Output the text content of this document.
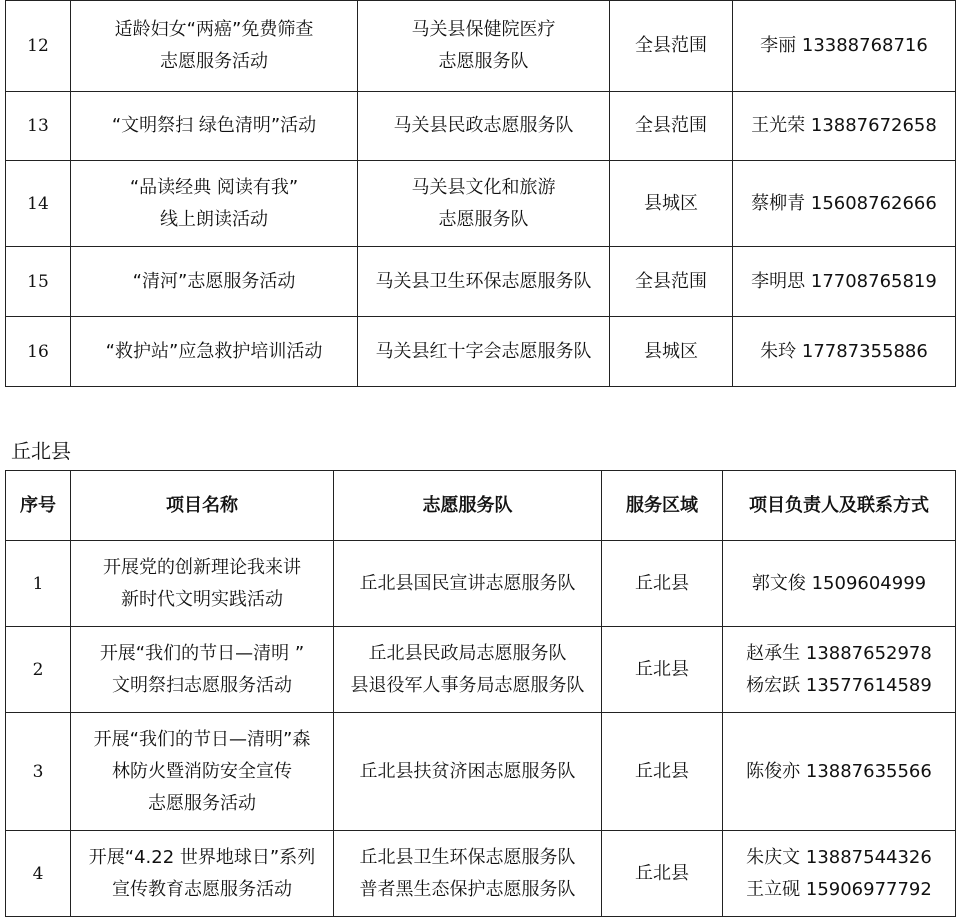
12	适龄妇女“两癌”免费筛查
志愿服务活动	马关县保健院医疗
志愿服务队	全县范围	李丽 13388768716

13	“文明祭扫 绿色清明”活动	马关县民政志愿服务队	全县范围	王光荣 13887672658

14	“品读经典 阅读有我”
线上朗读活动	马关县文化和旅游
志愿服务队	县城区	蔡柳青 15608762666

15	“清河”志愿服务活动	马关县卫生环保志愿服务队	全县范围	李明思 17708765819

16	“救护站”应急救护培训活动	马关县红十字会志愿服务队	县城区	朱玲 17787355886
丘北县
序号	项目名称	志愿服务队	服务区域	项目负责人及联系方式
1	开展党的创新理论我来讲
新时代文明实践活动	丘北县国民宣讲志愿服务队	丘北县	郭文俊 1509604999

2	开展“我们的节日—清明 ”
文明祭扫志愿服务活动	丘北县民政局志愿服务队
县退役军人事务局志愿服务队	丘北县	赵承生 13887652978
杨宏跃 13577614589

3	开展“我们的节日—清明”森
林防火暨消防安全宣传
志愿服务活动	丘北县扶贫济困志愿服务队	丘北县	陈俊亦 13887635566

4	开展“4.22 世界地球日”系列
宣传教育志愿服务活动	丘北县卫生环保志愿服务队
普者黑生态保护志愿服务队	丘北县	朱庆文 13887544326
王立砚 15906977792
